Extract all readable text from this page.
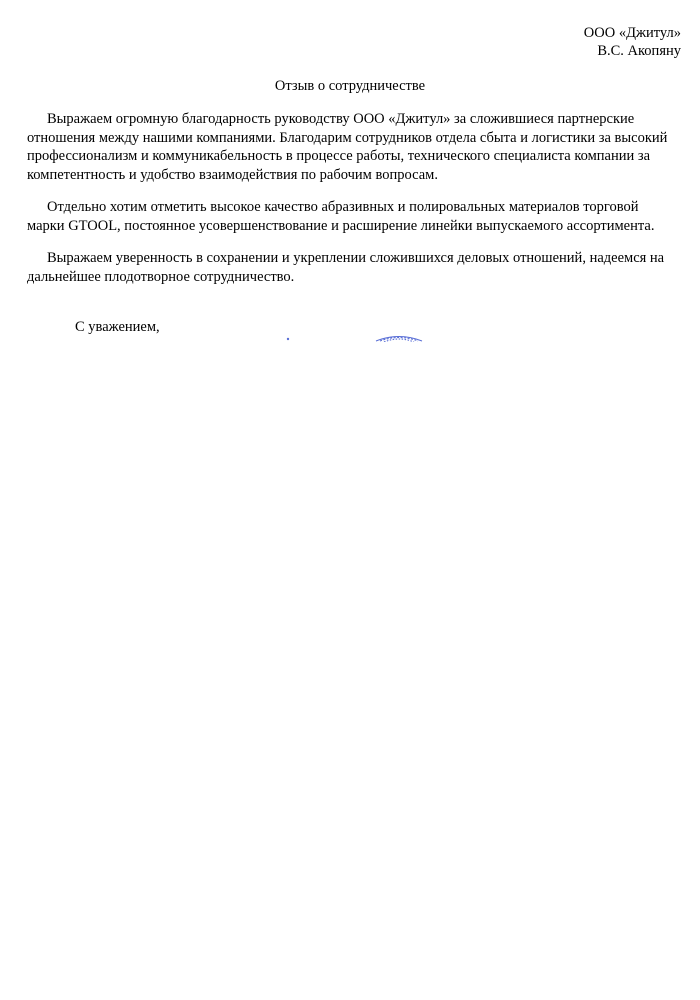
ООО «Джитул»
В.С. Акопяну
Отзыв о сотрудничестве

Выражаем огромную благодарность руководству ООО «Джитул» за сложившиеся партнерские отношения между нашими компаниями. Благодарим сотрудников отдела сбыта и логистики за высокий профессионализм и коммуникабельность в процессе работы, технического специалиста компании за компетентность и удобство взаимодействия по рабочим вопросам.

Отдельно хотим отметить высокое качество абразивных и полировальных материалов торговой марки GTOOL, постоянное усовершенствование и расширение линейки выпускаемого ассортимента.

Выражаем уверенность в сохранении и укреплении сложившихся деловых отношений, надеемся на дальнейшее плодотворное сотрудничество.

С уважением,
